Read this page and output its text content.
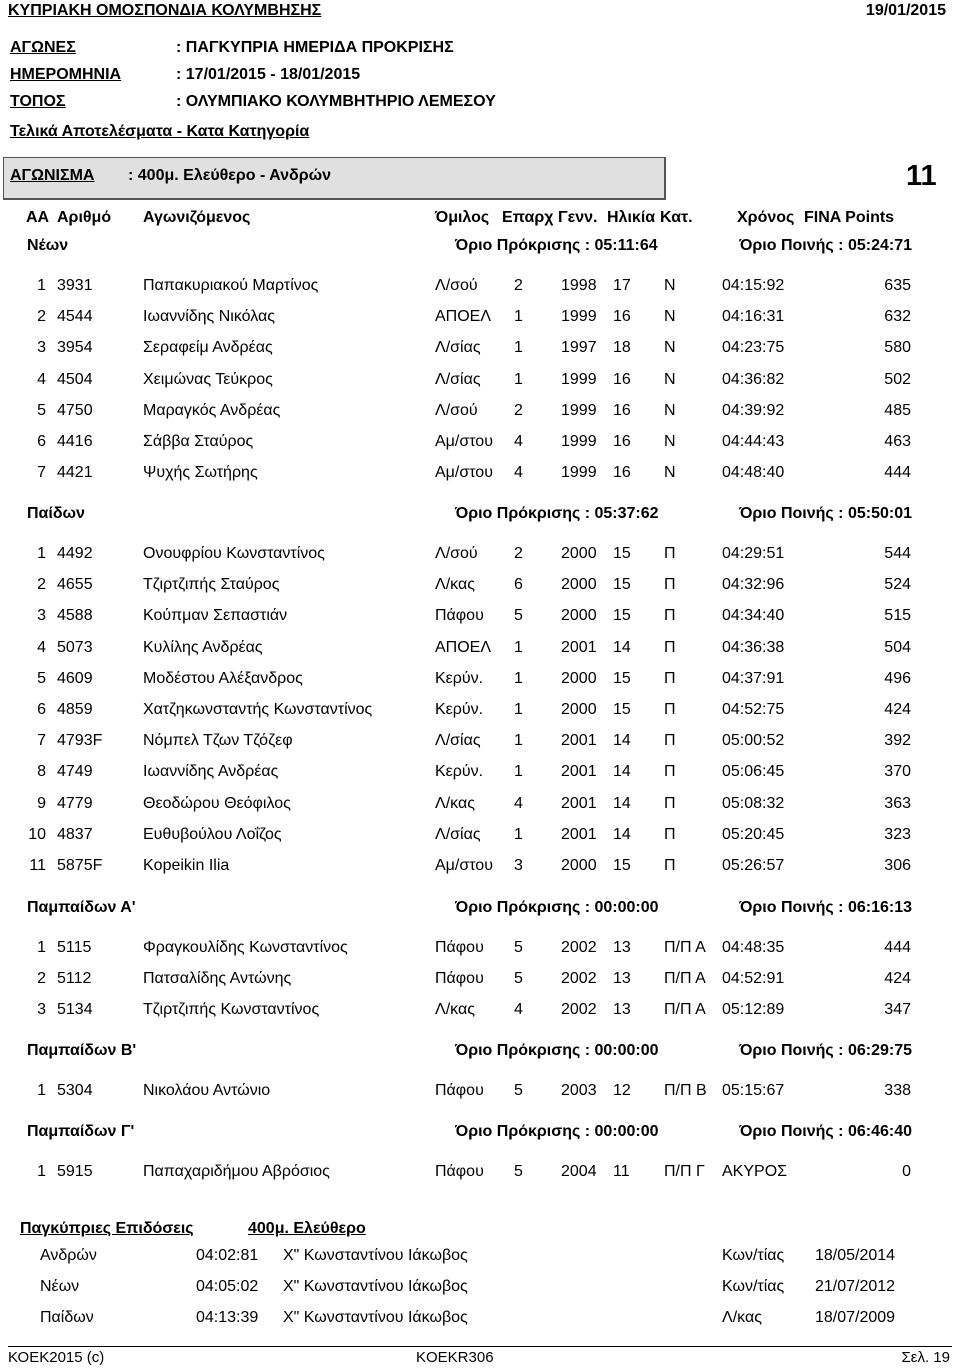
ΚΥΠΡΙΑΚΗ ΟΜΟΣΠΟΝΔΙΑ ΚΟΛΥΜΒΗΣΗΣ	19/01/2015
ΑΓΩΝΕΣ	: ΠΑΓΚΥΠΡΙΑ ΗΜΕΡΙΔΑ ΠΡΟΚΡΙΣΗΣ
ΗΜΕΡΟΜΗΝΙΑ	: 17/01/2015 - 18/01/2015
ΤΟΠΟΣ	: ΟΛΥΜΠΙΑΚΟ ΚΟΛΥΜΒΗΤΗΡΙΟ ΛΕΜΕΣΟΥ
Τελικά Αποτελέσματα - Κατα Κατηγορία
ΑΓΩΝΙΣΜΑ : 400μ. Ελεύθερο - Ανδρών	11
ΑΑ Αριθμό Αγωνιζόμενος	Όμιλος Επαρχ Γενν. Ηλικία Κατ.	Χρόνος FINA Points
Νέων	Όριο Πρόκρισης : 05:11:64	Όριο Ποινής : 05:24:71
1 3931	Παπακυριακού Μαρτίνος	Λ/σού 2 1998 17 Ν	04:15:92	635
2 4544	Ιωαννίδης Νικόλας	ΑΠΟΕΛ 1 1999 16 Ν	04:16:31	632
3 3954	Σεραφείμ Ανδρέας	Λ/σίας 1 1997 18 Ν	04:23:75	580
4 4504	Χειμώνας Τεύκρος	Λ/σίας 1 1999 16 Ν	04:36:82	502
5 4750	Μαραγκός Ανδρέας	Λ/σού 2 1999 16 Ν	04:39:92	485
6 4416	Σάββα Σταύρος	Αμ/στου 4 1999 16 Ν	04:44:43	463
7 4421	Ψυχής Σωτήρης	Αμ/στου 4 1999 16 Ν	04:48:40	444
Παίδων	Όριο Πρόκρισης : 05:37:62	Όριο Ποινής : 05:50:01
1 4492	Ονουφρίου Κωνσταντίνος	Λ/σού 2 2000 15 Π	04:29:51	544
2 4655	Τζιρτζιπής Σταύρος	Λ/κας 6 2000 15 Π	04:32:96	524
3 4588	Κούπμαν Σεπαστιάν	Πάφου 5 2000 15 Π	04:34:40	515
4 5073	Κυλίλης Ανδρέας	ΑΠΟΕΛ 1 2001 14 Π	04:36:38	504
5 4609	Μοδέστου Αλέξανδρος	Κερύν. 1 2000 15 Π	04:37:91	496
6 4859	Χατζηκωνσταντής Κωνσταντίνος	Κερύν. 1 2000 15 Π	04:52:75	424
7 4793F	Νόμπελ Τζων Τζόζεφ	Λ/σίας 1 2001 14 Π	05:00:52	392
8 4749	Ιωαννίδης Ανδρέας	Κερύν. 1 2001 14 Π	05:06:45	370
9 4779	Θεοδώρου Θεόφιλος	Λ/κας 4 2001 14 Π	05:08:32	363
10 4837	Ευθυβούλου Λοΐζος	Λ/σίας 1 2001 14 Π	05:20:45	323
11 5875F	Kopeikin Ilia	Αμ/στου 3 2000 15 Π	05:26:57	306
Παμπαίδων Α'	Όριο Πρόκρισης : 00:00:00	Όριο Ποινής : 06:16:13
1 5115	Φραγκουλίδης Κωνσταντίνος	Πάφου 5 2002 13 Π/Π Α 04:48:35	444
2 5112	Πατσαλίδης Αντώνης	Πάφου 5 2002 13 Π/Π Α 04:52:91	424
3 5134	Τζιρτζιπής Κωνσταντίνος	Λ/κας 4 2002 13 Π/Π Α 05:12:89	347
Παμπαίδων Β'	Όριο Πρόκρισης : 00:00:00	Όριο Ποινής : 06:29:75
1 5304	Νικολάου Αντώνιο	Πάφου 5 2003 12 Π/Π Β 05:15:67	338
Παμπαίδων Γ'	Όριο Πρόκρισης : 00:00:00	Όριο Ποινής : 06:46:40
1 5915	Παπαχαριδήμου Αβρόσιος	Πάφου 5 2004 11 Π/Π Γ ΑΚΥΡΟΣ	0
Παγκύπριες Επιδόσεις	400μ. Ελεύθερο
Ανδρών	04:02:81 Χ" Κωνσταντίνου Ιάκωβος	Κων/τίας 18/05/2014
Νέων	04:05:02 Χ" Κωνσταντίνου Ιάκωβος	Κων/τίας 21/07/2012
Παίδων	04:13:39 Χ" Κωνσταντίνου Ιάκωβος	Λ/κας	18/07/2009
ΚΟΕΚ2015 (c)	KOEKR306	Σελ. 19
